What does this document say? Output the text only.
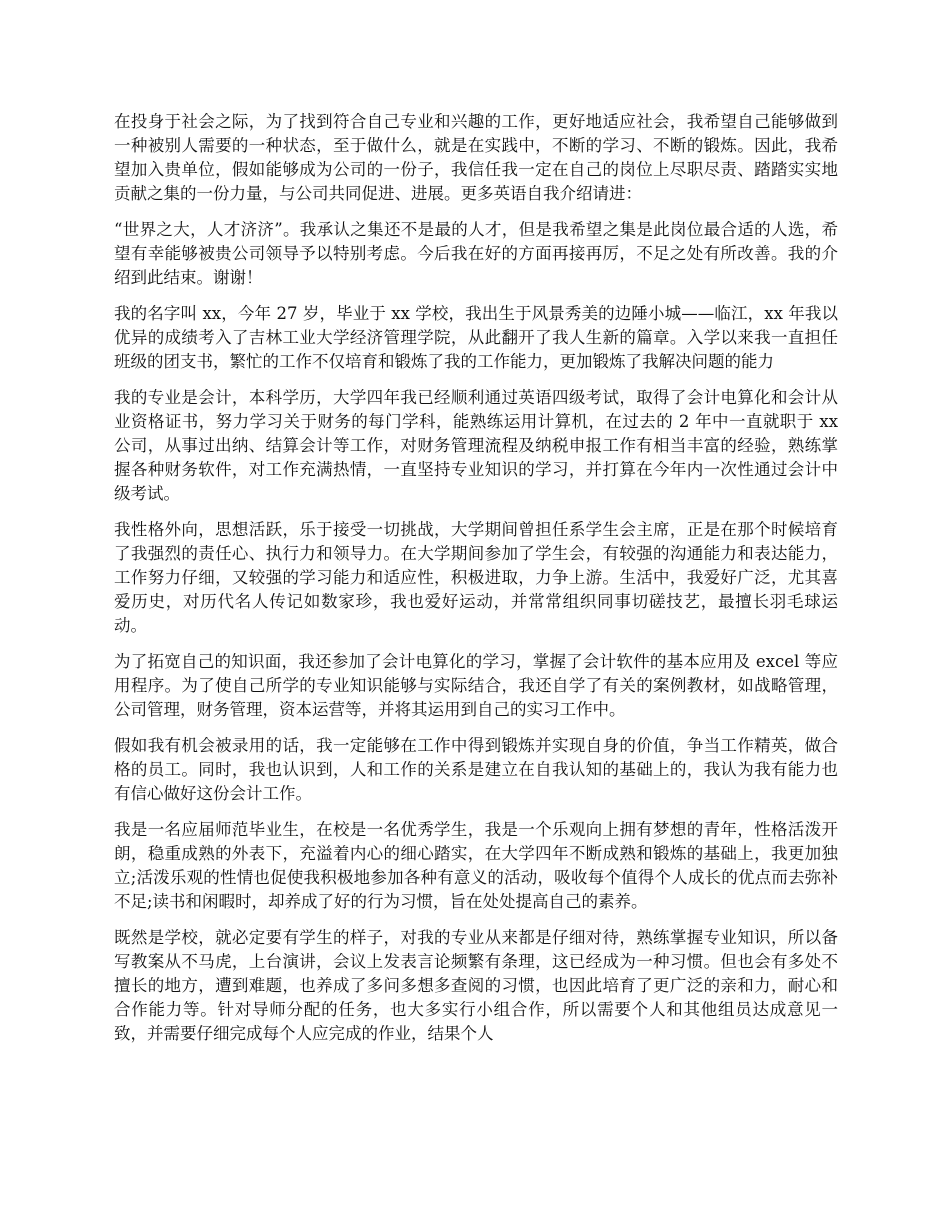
在投身于社会之际，为了找到符合自己专业和兴趣的工作，更好地适应社会，我希望自己能够做到一种被别人需要的一种状态，至于做什么，就是在实践中，不断的学习、不断的锻炼。因此，我希望加入贵单位，假如能够成为公司的一份子，我信任我一定在自己的岗位上尽职尽责、踏踏实实地贡献之集的一份力量，与公司共同促进、进展。更多英语自我介绍请进：

“世界之大，人才济济”。我承认之集还不是最的人才，但是我希望之集是此岗位最合适的人选，希望有幸能够被贵公司领导予以特别考虑。今后我在好的方面再接再厉，不足之处有所改善。我的介绍到此结束。谢谢！

我的名字叫 xx，今年 27 岁，毕业于 xx 学校，我出生于风景秀美的边陲小城——临江，xx 年我以优异的成绩考入了吉林工业大学经济管理学院，从此翻开了我人生新的篇章。入学以来我一直担任班级的团支书，繁忙的工作不仅培育和锻炼了我的工作能力，更加锻炼了我解决问题的能力

我的专业是会计，本科学历，大学四年我已经顺利通过英语四级考试，取得了会计电算化和会计从业资格证书，努力学习关于财务的每门学科，能熟练运用计算机，在过去的 2 年中一直就职于 xx 公司，从事过出纳、结算会计等工作，对财务管理流程及纳税申报工作有相当丰富的经验，熟练掌握各种财务软件，对工作充满热情，一直坚持专业知识的学习，并打算在今年内一次性通过会计中级考试。

我性格外向，思想活跃，乐于接受一切挑战，大学期间曾担任系学生会主席，正是在那个时候培育了我强烈的责任心、执行力和领导力。在大学期间参加了学生会，有较强的沟通能力和表达能力，工作努力仔细，又较强的学习能力和适应性，积极进取，力争上游。生活中，我爱好广泛，尤其喜爱历史，对历代名人传记如数家珍，我也爱好运动，并常常组织同事切磋技艺，最擅长羽毛球运动。

为了拓宽自己的知识面，我还参加了会计电算化的学习，掌握了会计软件的基本应用及 excel 等应用程序。为了使自己所学的专业知识能够与实际结合，我还自学了有关的案例教材，如战略管理，公司管理，财务管理，资本运营等，并将其运用到自己的实习工作中。

假如我有机会被录用的话，我一定能够在工作中得到锻炼并实现自身的价值，争当工作精英，做合格的员工。同时，我也认识到，人和工作的关系是建立在自我认知的基础上的，我认为我有能力也有信心做好这份会计工作。

我是一名应届师范毕业生，在校是一名优秀学生，我是一个乐观向上拥有梦想的青年，性格活泼开朗，稳重成熟的外表下，充溢着内心的细心踏实，在大学四年不断成熟和锻炼的基础上，我更加独立;活泼乐观的性情也促使我积极地参加各种有意义的活动，吸收每个值得个人成长的优点而去弥补不足;读书和闲暇时，却养成了好的行为习惯，旨在处处提高自己的素养。

既然是学校，就必定要有学生的样子，对我的专业从来都是仔细对待，熟练掌握专业知识，所以备写教案从不马虎，上台演讲，会议上发表言论频繁有条理，这已经成为一种习惯。但也会有多处不擅长的地方，遭到难题，也养成了多问多想多查阅的习惯，也因此培育了更广泛的亲和力，耐心和合作能力等。针对导师分配的任务，也大多实行小组合作，所以需要个人和其他组员达成意见一致，并需要仔细完成每个人应完成的作业，结果个人
